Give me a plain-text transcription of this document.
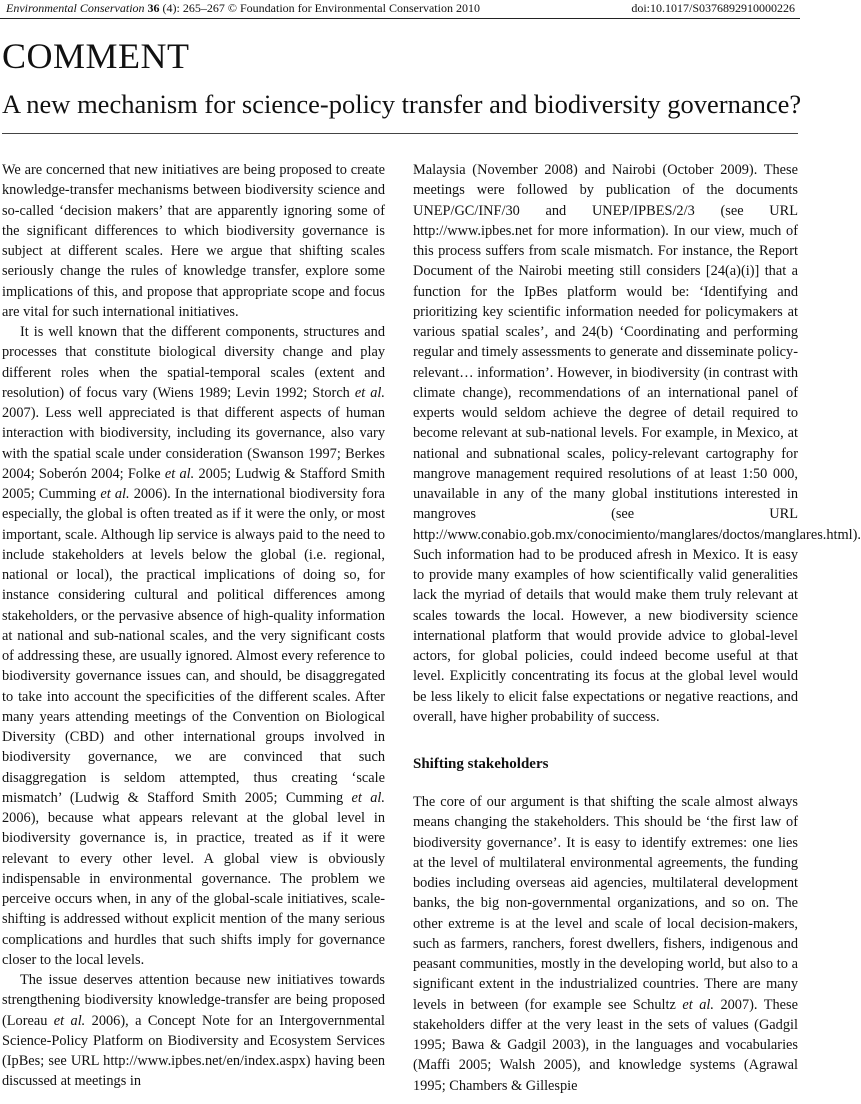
Environmental Conservation 36 (4): 265–267 © Foundation for Environmental Conservation 2010	doi:10.1017/S0376892910000226
COMMENT
A new mechanism for science-policy transfer and biodiversity governance?

We are concerned that new initiatives are being proposed to create knowledge-transfer mechanisms between biodiversity science and so-called ‘decision makers’ that are apparently ignoring some of the significant differences to which biodiversity governance is subject at different scales. Here we argue that shifting scales seriously change the rules of knowledge transfer, explore some implications of this, and propose that appropriate scope and focus are vital for such international initiatives.

It is well known that the different components, structures and processes that constitute biological diversity change and play different roles when the spatial-temporal scales (extent and resolution) of focus vary (Wiens 1989; Levin 1992; Storch et al. 2007). Less well appreciated is that different aspects of human interaction with biodiversity, including its governance, also vary with the spatial scale under consideration (Swanson 1997; Berkes 2004; Soberón 2004; Folke et al. 2005; Ludwig & Stafford Smith 2005; Cumming et al. 2006). In the international biodiversity fora especially, the global is often treated as if it were the only, or most important, scale. Although lip service is always paid to the need to include stakeholders at levels below the global (i.e. regional, national or local), the practical implications of doing so, for instance considering cultural and political differences among stakeholders, or the pervasive absence of high-quality information at national and sub-national scales, and the very significant costs of addressing these, are usually ignored. Almost every reference to biodiversity governance issues can, and should, be disaggregated to take into account the specificities of the different scales. After many years attending meetings of the Convention on Biological Diversity (CBD) and other international groups involved in biodiversity governance, we are convinced that such disaggregation is seldom attempted, thus creating ‘scale mismatch’ (Ludwig & Stafford Smith 2005; Cumming et al. 2006), because what appears relevant at the global level in biodiversity governance is, in practice, treated as if it were relevant to every other level. A global view is obviously indispensable in environmental governance. The problem we perceive occurs when, in any of the global-scale initiatives, scale-shifting is addressed without explicit mention of the many serious complications and hurdles that such shifts imply for governance closer to the local levels.

The issue deserves attention because new initiatives towards strengthening biodiversity knowledge-transfer are being proposed (Loreau et al. 2006), a Concept Note for an Intergovernmental Science-Policy Platform on Biodiversity and Ecosystem Services (IpBes; see URL http://www.ipbes.net/en/index.aspx) having been discussed at meetings in

Malaysia (November 2008) and Nairobi (October 2009). These meetings were followed by publication of the documents UNEP/GC/INF/30 and UNEP/IPBES/2/3 (see URL http://www.ipbes.net for more information). In our view, much of this process suffers from scale mismatch. For instance, the Report Document of the Nairobi meeting still considers [24(a)(i)] that a function for the IpBes platform would be: ‘Identifying and prioritizing key scientific information needed for policymakers at various spatial scales’, and 24(b) ‘Coordinating and performing regular and timely assessments to generate and disseminate policy-relevant… information’. However, in biodiversity (in contrast with climate change), recommendations of an international panel of experts would seldom achieve the degree of detail required to become relevant at sub-national levels. For example, in Mexico, at national and subnational scales, policy-relevant cartography for mangrove management required resolutions of at least 1:50 000, unavailable in any of the many global institutions interested in mangroves (see URL http://www.conabio.gob.mx/conocimiento/manglares/doctos/manglares.html). Such information had to be produced afresh in Mexico. It is easy to provide many examples of how scientifically valid generalities lack the myriad of details that would make them truly relevant at scales towards the local. However, a new biodiversity science international platform that would provide advice to global-level actors, for global policies, could indeed become useful at that level. Explicitly concentrating its focus at the global level would be less likely to elicit false expectations or negative reactions, and overall, have higher probability of success.

Shifting stakeholders

The core of our argument is that shifting the scale almost always means changing the stakeholders. This should be ‘the first law of biodiversity governance’. It is easy to identify extremes: one lies at the level of multilateral environmental agreements, the funding bodies including overseas aid agencies, multilateral development banks, the big non-governmental organizations, and so on. The other extreme is at the level and scale of local decision-makers, such as farmers, ranchers, forest dwellers, fishers, indigenous and peasant communities, mostly in the developing world, but also to a significant extent in the industrialized countries. There are many levels in between (for example see Schultz et al. 2007). These stakeholders differ at the very least in the sets of values (Gadgil 1995; Bawa & Gadgil 2003), in the languages and vocabularies (Maffi 2005; Walsh 2005), and knowledge systems (Agrawal 1995; Chambers & Gillespie
